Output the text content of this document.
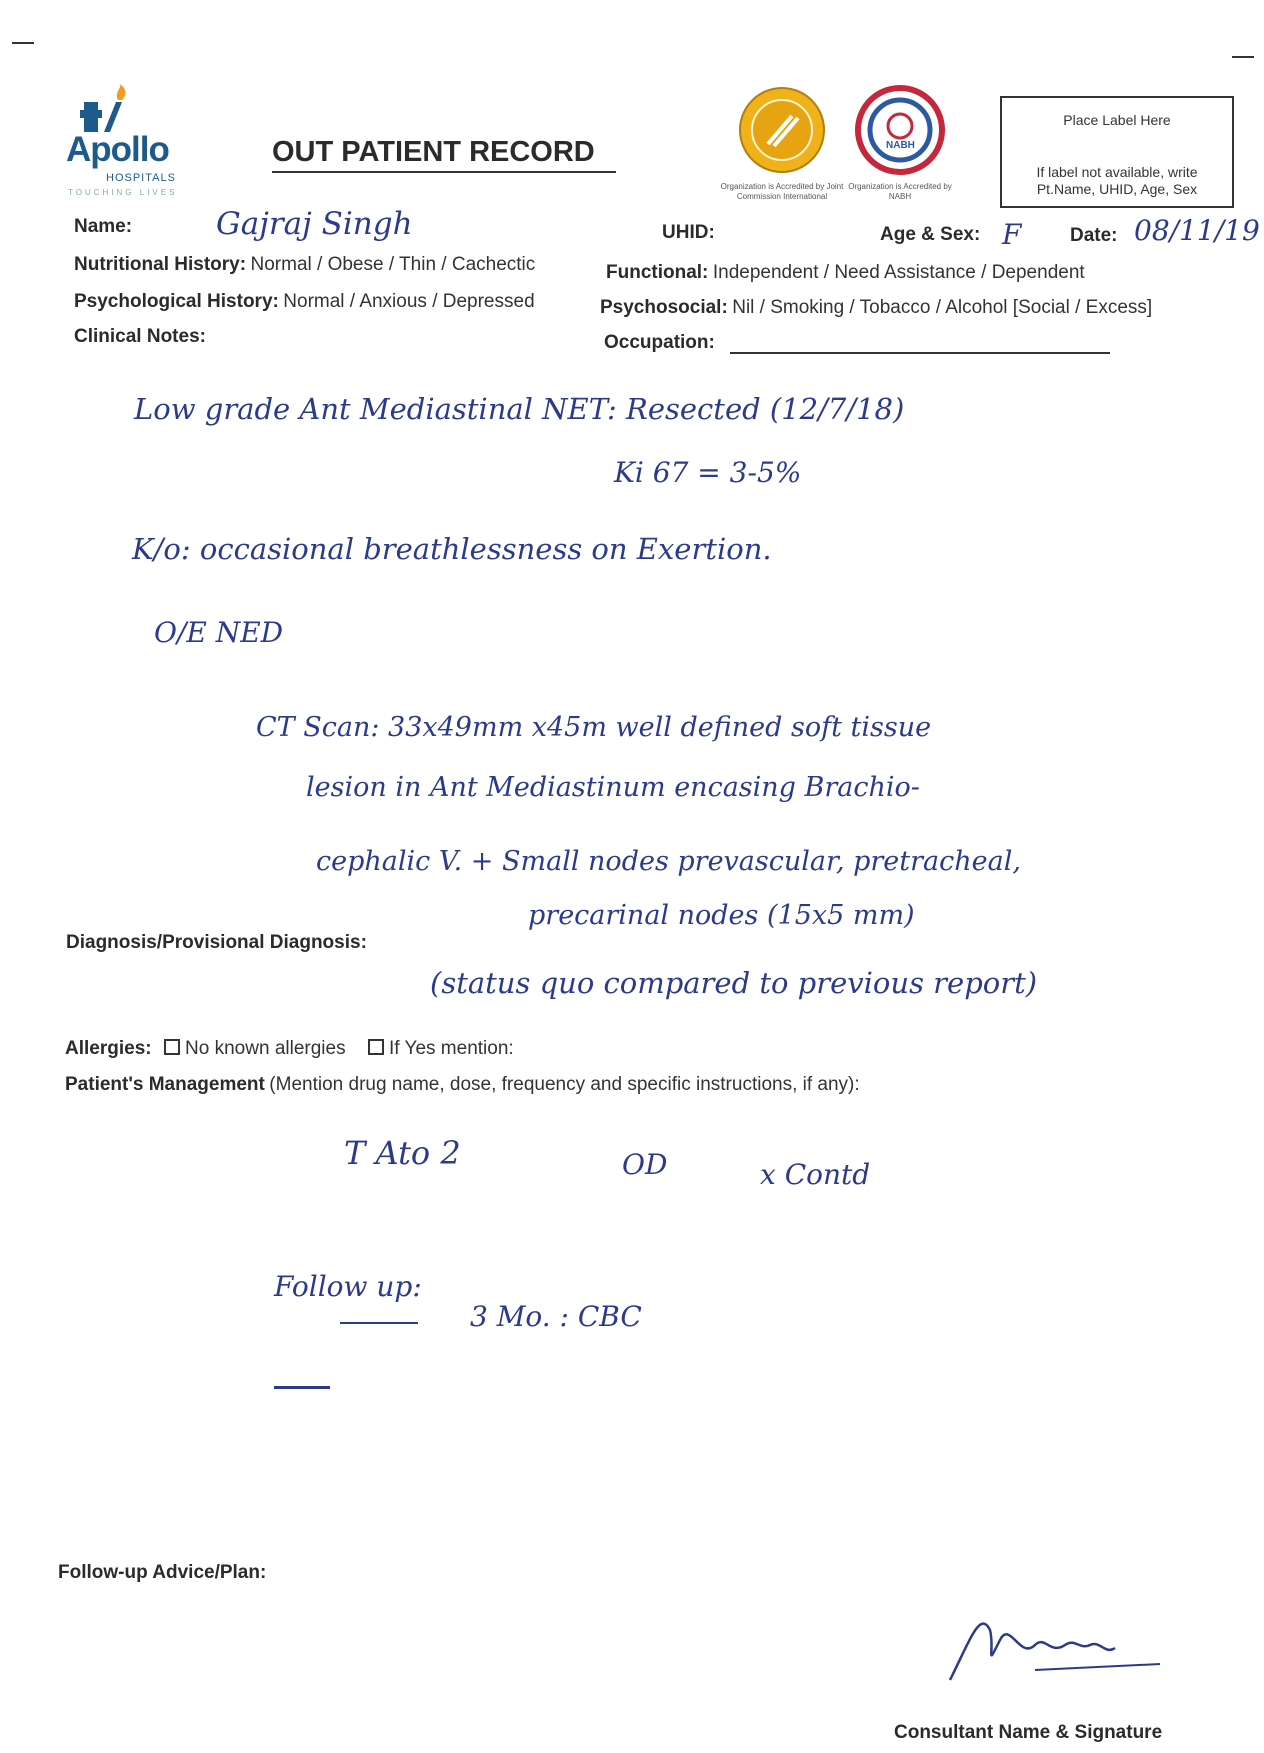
Apollo
HOSPITALS
TOUCHING LIVES
OUT PATIENT RECORD
Organization is Accredited by Joint Commission International
NABH
Organization is Accredited by NABH
Place Label Here
If label not available, write Pt.Name, UHID, Age, Sex
Name:	Gajraj Singh	UHID:	Age & Sex: F	Date: 08/11/19
Nutritional History: Normal / Obese / Thin / Cachectic	Functional: Independent / Need Assistance / Dependent
Psychological History: Normal / Anxious / Depressed	Psychosocial: Nil / Smoking / Tobacco / Alcohol [Social / Excess]
Clinical Notes:	Occupation:
Low grade Ant Mediastinal NET: Resected (12/7/18)
Ki 67 = 3-5%
K/o: occasional breathlessness on Exertion.
O/E NED
CT Scan: 33x49mm x45m well defined soft tissue
lesion in Ant Mediastinum encasing Brachio-
cephalic V. + Small nodes prevascular, pretracheal,
precarinal nodes (15x5 mm)
(status quo compared to previous report)
Diagnosis/Provisional Diagnosis:
Allergies: No known allergies If Yes mention:
Patient's Management (Mention drug name, dose, frequency and specific instructions, if any):
T Ato 2	OD	x Contd
Follow up:
3 Mo. : CBC
Follow-up Advice/Plan:
Consultant Name & Signature
